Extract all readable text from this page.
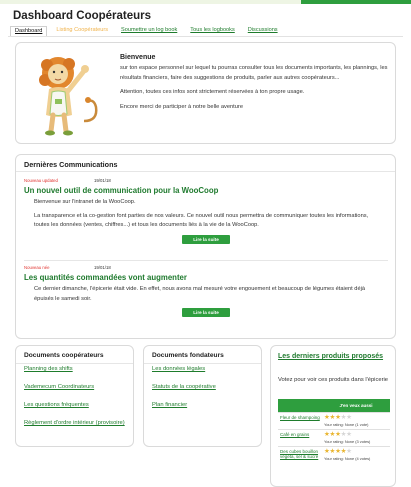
Dashboard Coopérateurs
Dashboard	Listing Coopérateurs	Soumettre un log book	Tous les logbooks	Discussions
Bienvenue

sur ton espace personnel sur lequel tu pourras consulter tous les documents importants, les plannings, les résultats financiers, faire des suggestions de produits, parler aux autres coopérateurs...

Attention, toutes ces infos sont strictement réservées à ton propre usage.

Encore merci de participer à notre belle aventure

Dernières Communications
Nouveau updated	19/01/18
Un nouvel outil de communication pour la WooCoop

Bienvenue sur l'intranet de la WooCoop.

La transparence et la co-gestion font parties de nos valeurs. Ce nouvel outil nous permettra de communiquer toutes les informations, toutes les données (ventes, chiffres...) et tous les documents liés à la vie de la WooCoop.

Lire la suite
Nouveau née	19/01/18
Les quantités commandées vont augmenter

Ce dernier dimanche, l'épicerie était vide. En effet, nous avons mal mesuré votre engouement et beaucoup de légumes étaient déjà épuisés le samedi soir.

Lire la suite
Documents coopérateurs
Planning des shifts
Vademecum Coordinateurs
Les questions fréquentes
Règlement d'ordre intérieur (provisoire)
Documents fondateurs
Les données légales
Statuts de la coopérative
Plan financier
Les derniers produits proposés
Votez pour voir ces produits dans l'épicerie
	J'en veux aussi
Fleur de shampoing	★★★★★
Your rating: None (1 vote)

Café en grains	★★★★★
Your rating: None (3 votes)

Des cubes bouillon végéta, sel & sucré	★★★★★
Your rating: None (4 votes)
